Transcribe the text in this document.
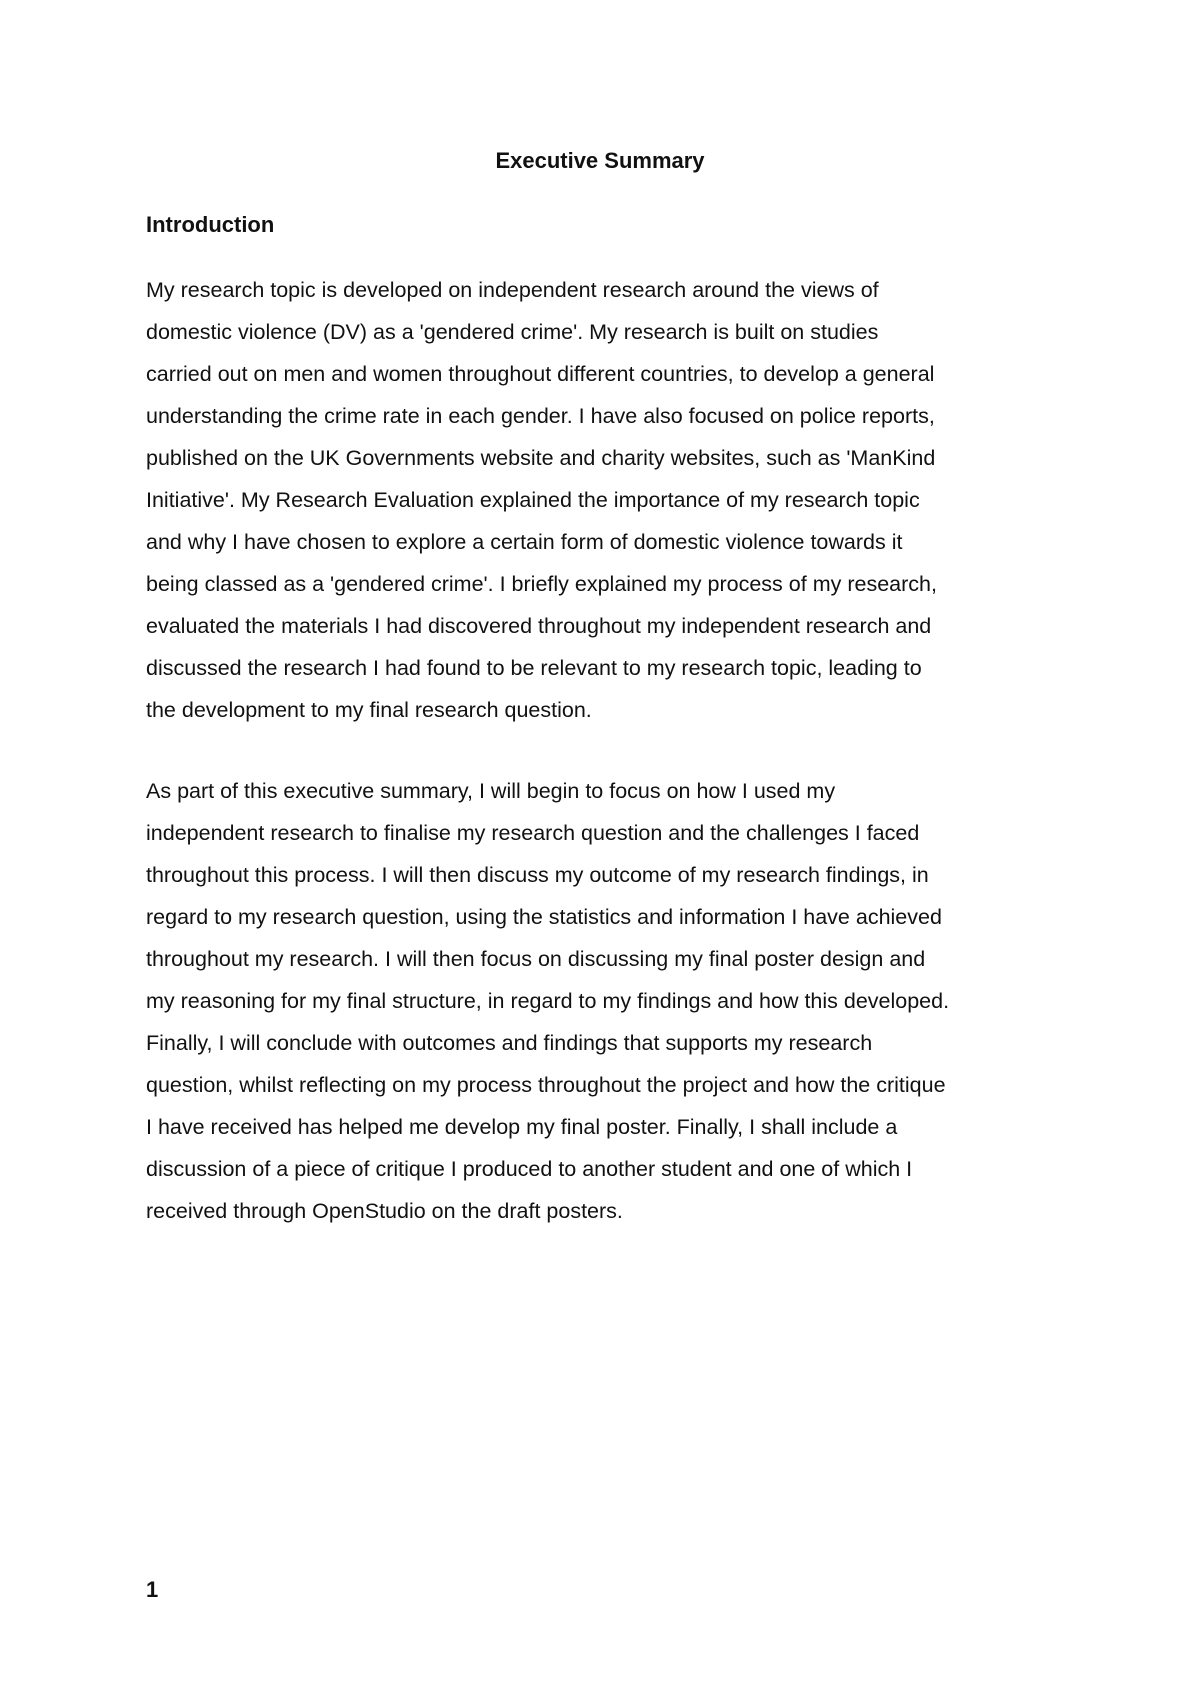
Executive Summary
Introduction
My research topic is developed on independent research around the views of
domestic violence (DV) as a 'gendered crime'. My research is built on studies
carried out on men and women throughout different countries, to develop a general
understanding the crime rate in each gender. I have also focused on police reports,
published on the UK Governments website and charity websites, such as 'ManKind
Initiative'. My Research Evaluation explained the importance of my research topic
and why I have chosen to explore a certain form of domestic violence towards it
being classed as a 'gendered crime'. I briefly explained my process of my research,
evaluated the materials I had discovered throughout my independent research and
discussed the research I had found to be relevant to my research topic, leading to
the development to my final research question.
As part of this executive summary, I will begin to focus on how I used my
independent research to finalise my research question and the challenges I faced
throughout this process. I will then discuss my outcome of my research findings, in
regard to my research question, using the statistics and information I have achieved
throughout my research. I will then focus on discussing my final poster design and
my reasoning for my final structure, in regard to my findings and how this developed.
Finally, I will conclude with outcomes and findings that supports my research
question, whilst reflecting on my process throughout the project and how the critique
I have received has helped me develop my final poster. Finally, I shall include a
discussion of a piece of critique I produced to another student and one of which I
received through OpenStudio on the draft posters.
1
